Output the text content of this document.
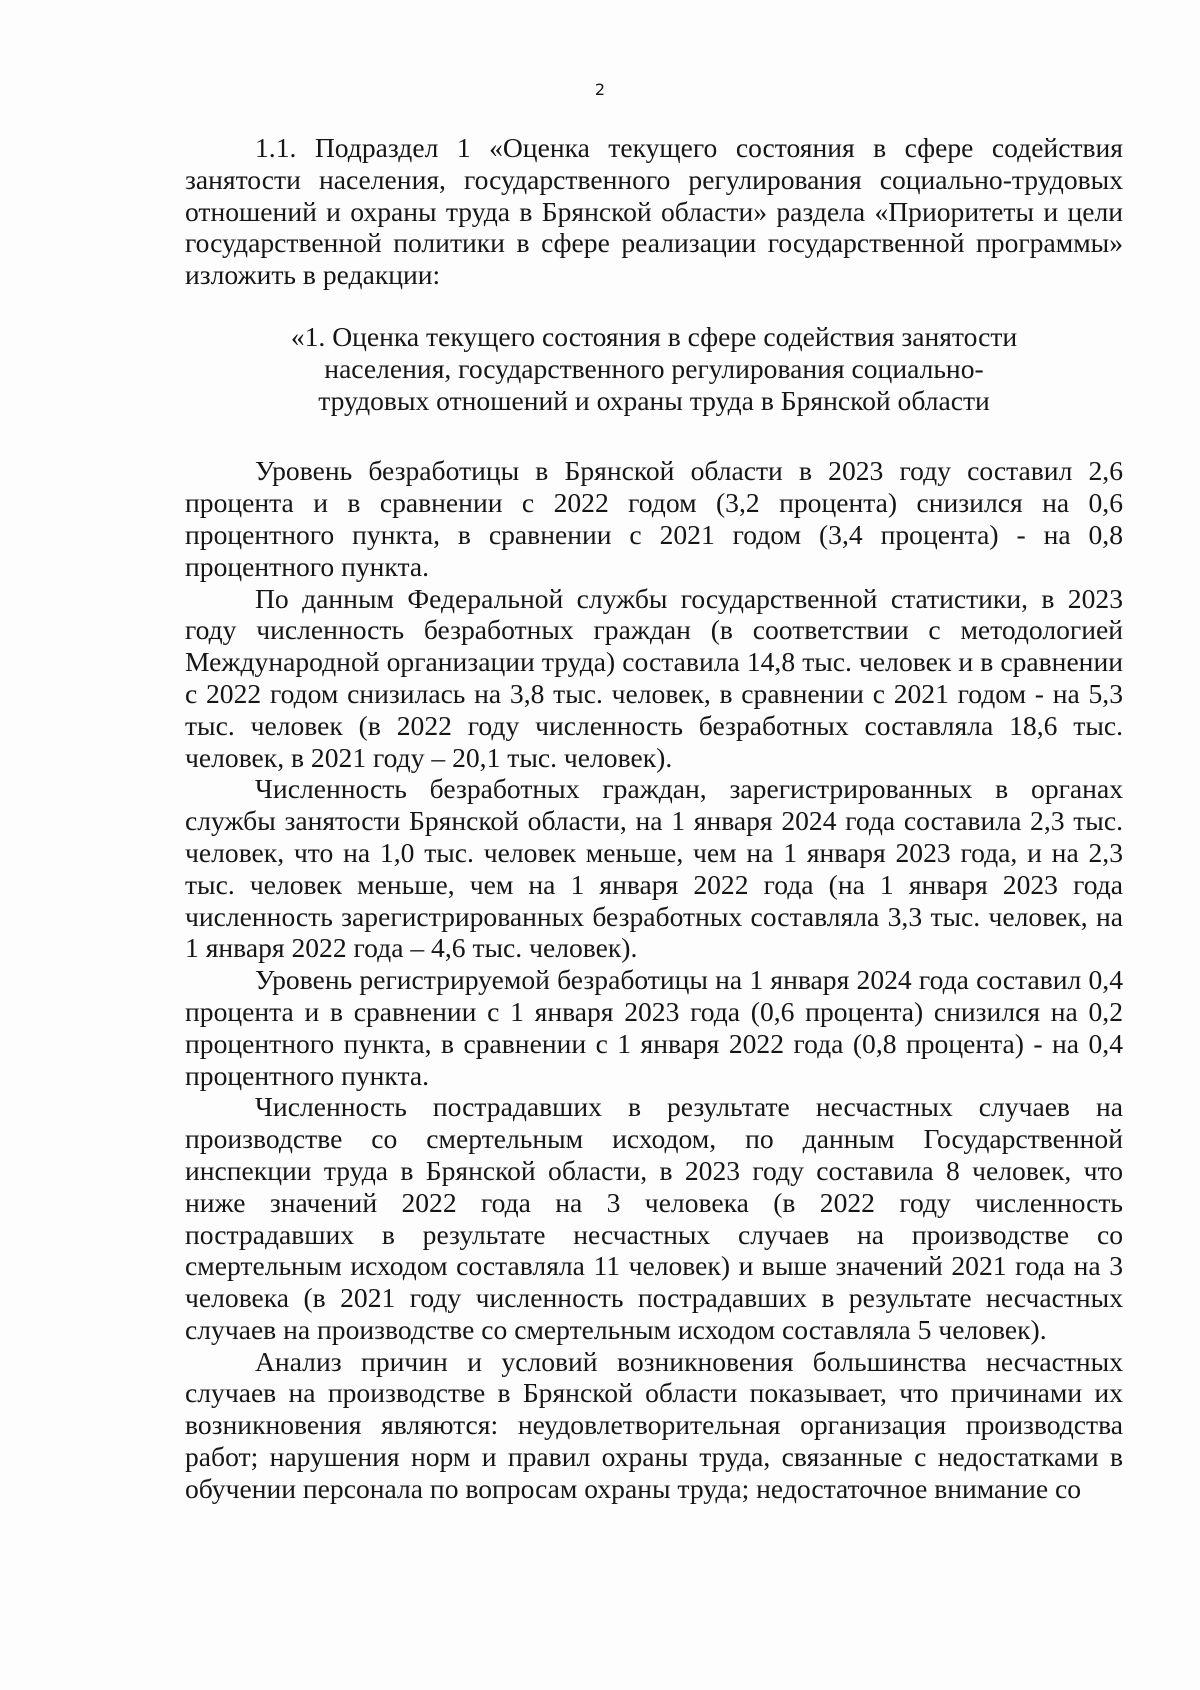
2

1.1. Подраздел 1 «Оценка текущего состояния в сфере содействия занятости населения, государственного регулирования социально-трудовых отношений и охраны труда в Брянской области» раздела «Приоритеты и цели государственной политики в сфере реализации государственной программы» изложить в редакции:

«1. Оценка текущего состояния в сфере содействия занятости населения, государственного регулирования социально-трудовых отношений и охраны труда в Брянской области

Уровень безработицы в Брянской области в 2023 году составил 2,6 процента и в сравнении с 2022 годом (3,2 процента) снизился на 0,6 процентного пункта, в сравнении с 2021 годом (3,4 процента) - на 0,8 процентного пункта.

По данным Федеральной службы государственной статистики, в 2023 году численность безработных граждан (в соответствии с методологией Международной организации труда) составила 14,8 тыс. человек и в сравнении с 2022 годом снизилась на 3,8 тыс. человек, в сравнении с 2021 годом - на 5,3 тыс. человек (в 2022 году численность безработных составляла 18,6 тыс. человек, в 2021 году – 20,1 тыс. человек).

Численность безработных граждан, зарегистрированных в органах службы занятости Брянской области, на 1 января 2024 года составила 2,3 тыс. человек, что на 1,0 тыс. человек меньше, чем на 1 января 2023 года, и на 2,3 тыс. человек меньше, чем на 1 января 2022 года (на 1 января 2023 года численность зарегистрированных безработных составляла 3,3 тыс. человек, на 1 января 2022 года – 4,6 тыс. человек).

Уровень регистрируемой безработицы на 1 января 2024 года составил 0,4 процента и в сравнении с 1 января 2023 года (0,6 процента) снизился на 0,2 процентного пункта, в сравнении с 1 января 2022 года (0,8 процента) - на 0,4 процентного пункта.

Численность пострадавших в результате несчастных случаев на производстве со смертельным исходом, по данным Государственной инспекции труда в Брянской области, в 2023 году составила 8 человек, что ниже значений 2022 года на 3 человека (в 2022 году численность пострадавших в результате несчастных случаев на производстве со смертельным исходом составляла 11 человек) и выше значений 2021 года на 3 человека (в 2021 году численность пострадавших в результате несчастных случаев на производстве со смертельным исходом составляла 5 человек).

Анализ причин и условий возникновения большинства несчастных случаев на производстве в Брянской области показывает, что причинами их возникновения являются: неудовлетворительная организация производства работ; нарушения норм и правил охраны труда, связанные с недостатками в обучении персонала по вопросам охраны труда; недостаточное внимание со
